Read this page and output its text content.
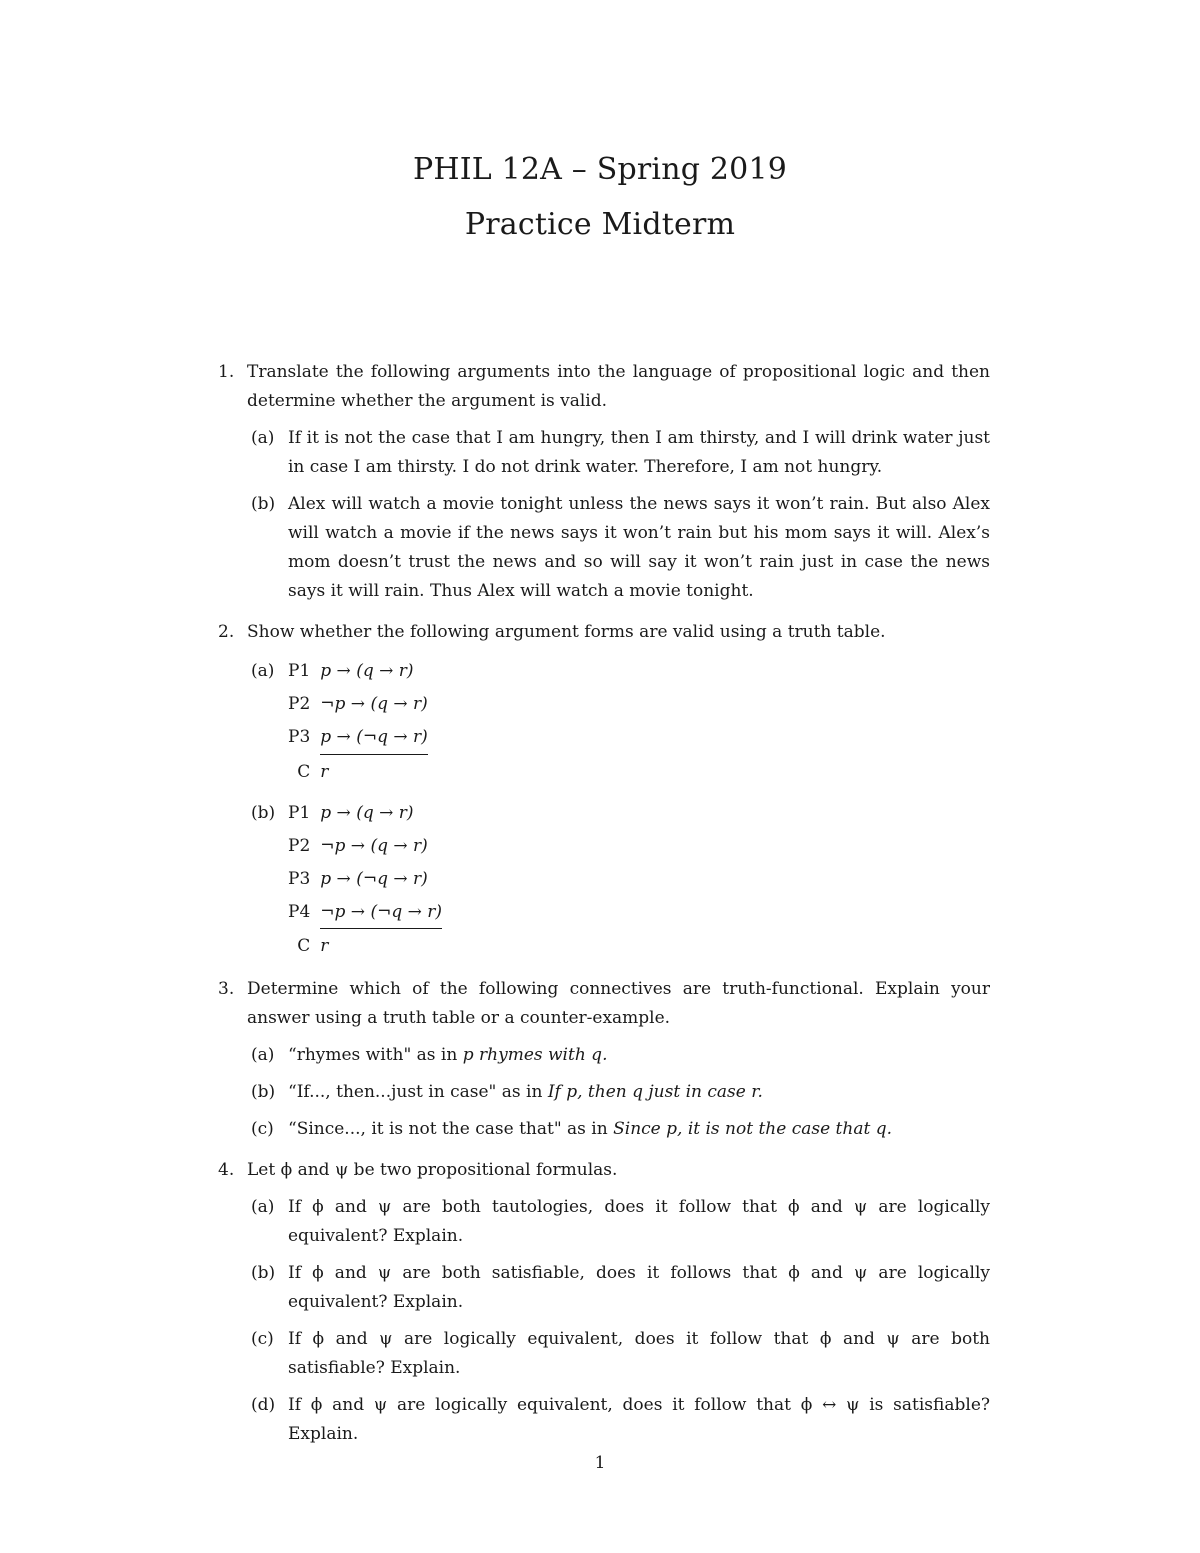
PHIL 12A – Spring 2019
Practice Midterm
1. Translate the following arguments into the language of propositional logic and then determine whether the argument is valid.
(a) If it is not the case that I am hungry, then I am thirsty, and I will drink water just in case I am thirsty. I do not drink water. Therefore, I am not hungry.
(b) Alex will watch a movie tonight unless the news says it won’t rain. But also Alex will watch a movie if the news says it won’t rain but his mom says it will. Alex’s mom doesn’t trust the news and so will say it won’t rain just in case the news says it will rain. Thus Alex will watch a movie tonight.
2. Show whether the following argument forms are valid using a truth table.
(a) P1	p → (q → r)
P2	¬p → (q → r)
P3	p → (¬q → r)
C	r
(b) P1	p → (q → r)
P2	¬p → (q → r)
P3	p → (¬q → r)
P4	¬p → (¬q → r)
C	r
3. Determine which of the following connectives are truth-functional. Explain your answer using a truth table or a counter-example.
(a) “rhymes with" as in p rhymes with q.
(b) “If..., then...just in case" as in If p, then q just in case r.
(c) “Since..., it is not the case that" as in Since p, it is not the case that q.
4. Let ϕ and ψ be two propositional formulas.
(a) If ϕ and ψ are both tautologies, does it follow that ϕ and ψ are logically equivalent? Explain.
(b) If ϕ and ψ are both satisfiable, does it follows that ϕ and ψ are logically equivalent? Explain.
(c) If ϕ and ψ are logically equivalent, does it follow that ϕ and ψ are both satisfiable? Explain.
(d) If ϕ and ψ are logically equivalent, does it follow that ϕ ↔ ψ is satisfiable? Explain.
1
